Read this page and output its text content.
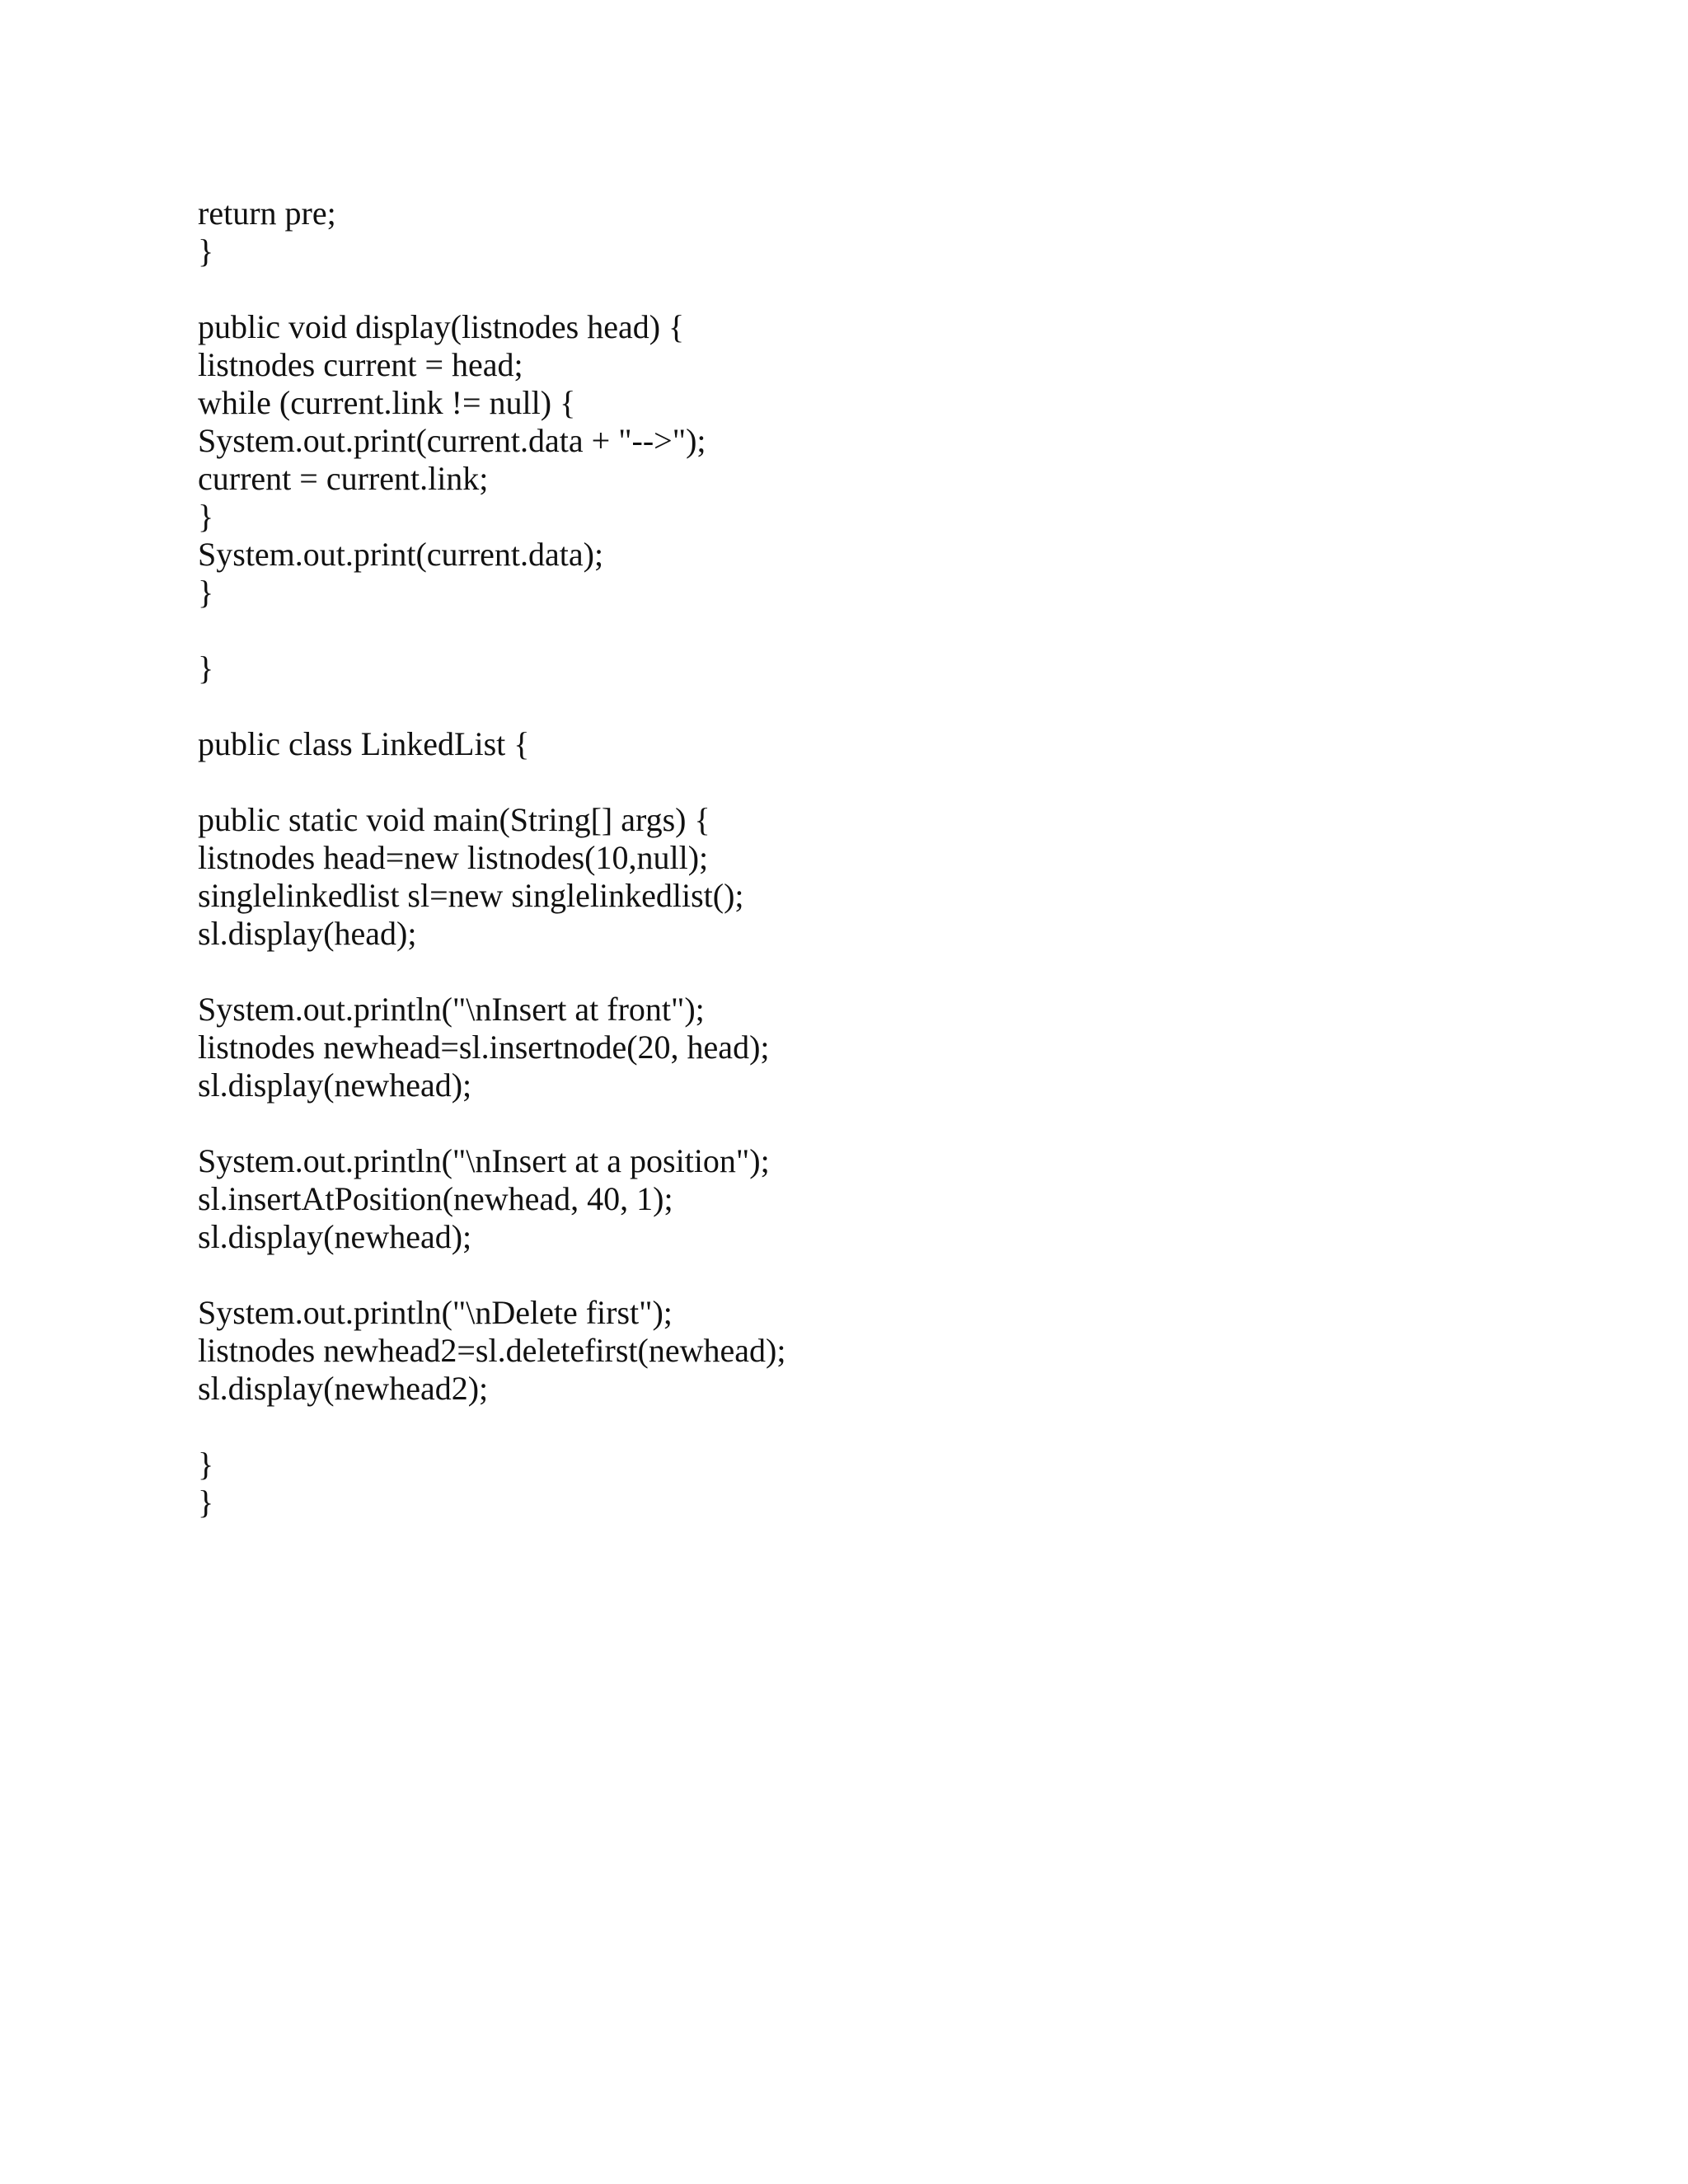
return pre;
}
public void display(listnodes head) {
listnodes current = head;
while (current.link != null) {
System.out.print(current.data + "-->");
current = current.link;
}
System.out.print(current.data);
}
}
public class LinkedList {
public static void main(String[] args) {
listnodes head=new listnodes(10,null);
singlelinkedlist sl=new singlelinkedlist();
sl.display(head);
System.out.println("\nInsert at front");
listnodes newhead=sl.insertnode(20, head);
sl.display(newhead);
System.out.println("\nInsert at a position");
sl.insertAtPosition(newhead, 40, 1);
sl.display(newhead);
System.out.println("\nDelete first");
listnodes newhead2=sl.deletefirst(newhead);
sl.display(newhead2);
}
}
